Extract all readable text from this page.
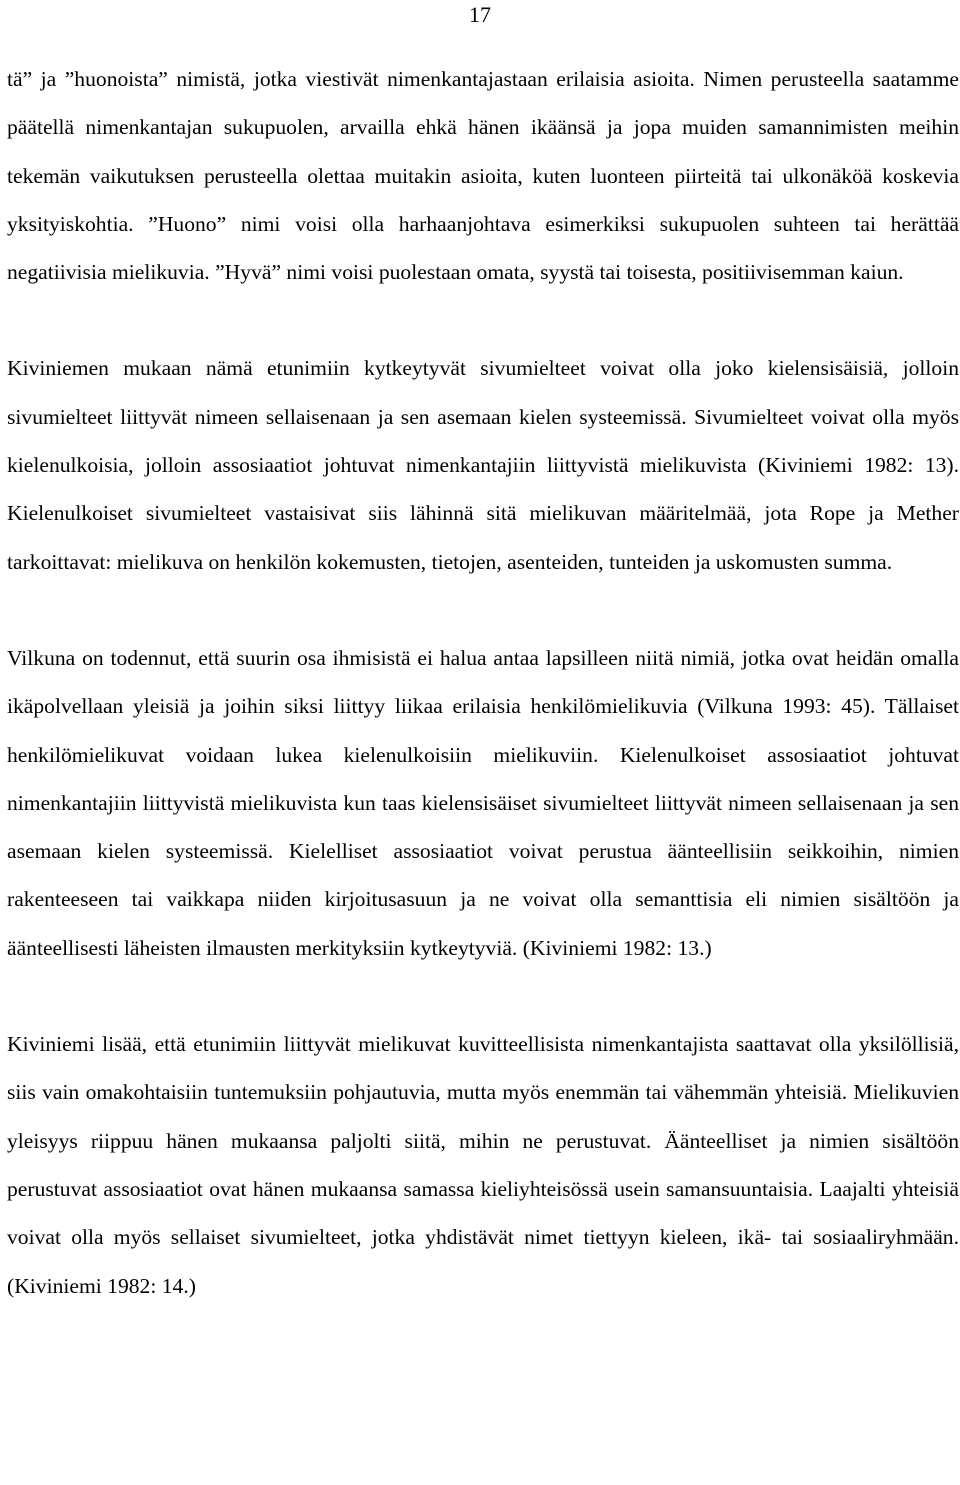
17

tä” ja ”huonoista” nimistä, jotka viestivät nimenkantajastaan erilaisia asioita. Nimen perusteella saatamme päätellä nimenkantajan sukupuolen, arvailla ehkä hänen ikäänsä ja jopa muiden samannimisten meihin tekemän vaikutuksen perusteella olettaa muitakin asioita, kuten luonteen piirteitä tai ulkonäköä koskevia yksityiskohtia. ”Huono” nimi voisi olla harhaanjohtava esimerkiksi sukupuolen suhteen tai herättää negatiivisia mielikuvia. ”Hyvä” nimi voisi puolestaan omata, syystä tai toisesta, positiivisemman kaiun.

Kiviniemen mukaan nämä etunimiin kytkeytyvät sivumielteet voivat olla joko kielensisäisiä, jolloin sivumielteet liittyvät nimeen sellaisenaan ja sen asemaan kielen systeemissä. Sivumielteet voivat olla myös kielenulkoisia, jolloin assosiaatiot johtuvat nimenkantajiin liittyvistä mielikuvista (Kiviniemi 1982: 13). Kielenulkoiset sivumielteet vastaisivat siis lähinnä sitä mielikuvan määritelmää, jota Rope ja Mether tarkoittavat: mielikuva on henkilön kokemusten, tietojen, asenteiden, tunteiden ja uskomusten summa.

Vilkuna on todennut, että suurin osa ihmisistä ei halua antaa lapsilleen niitä nimiä, jotka ovat heidän omalla ikäpolvellaan yleisiä ja joihin siksi liittyy liikaa erilaisia henkilömielikuvia (Vilkuna 1993: 45). Tällaiset henkilömielikuvat voidaan lukea kielenulkoisiin mielikuviin. Kielenulkoiset assosiaatiot johtuvat nimenkantajiin liittyvistä mielikuvista kun taas kielensisäiset sivumielteet liittyvät nimeen sellaisenaan ja sen asemaan kielen systeemissä. Kielelliset assosiaatiot voivat perustua äänteellisiin seikkoihin, nimien rakenteeseen tai vaikkapa niiden kirjoitusasuun ja ne voivat olla semanttisia eli nimien sisältöön ja äänteellisesti läheisten ilmausten merkityksiin kytkeytyviä. (Kiviniemi 1982: 13.)

Kiviniemi lisää, että etunimiin liittyvät mielikuvat kuvitteellisista nimenkantajista saattavat olla yksilöllisiä, siis vain omakohtaisiin tuntemuksiin pohjautuvia, mutta myös enemmän tai vähemmän yhteisiä. Mielikuvien yleisyys riippuu hänen mukaansa paljolti siitä, mihin ne perustuvat. Äänteelliset ja nimien sisältöön perustuvat assosiaatiot ovat hänen mukaansa samassa kieliyhteisössä usein samansuuntaisia. Laajalti yhteisiä voivat olla myös sellaiset sivumielteet, jotka yhdistävät nimet tiettyyn kieleen, ikä- tai sosiaaliryhmään. (Kiviniemi 1982: 14.)
